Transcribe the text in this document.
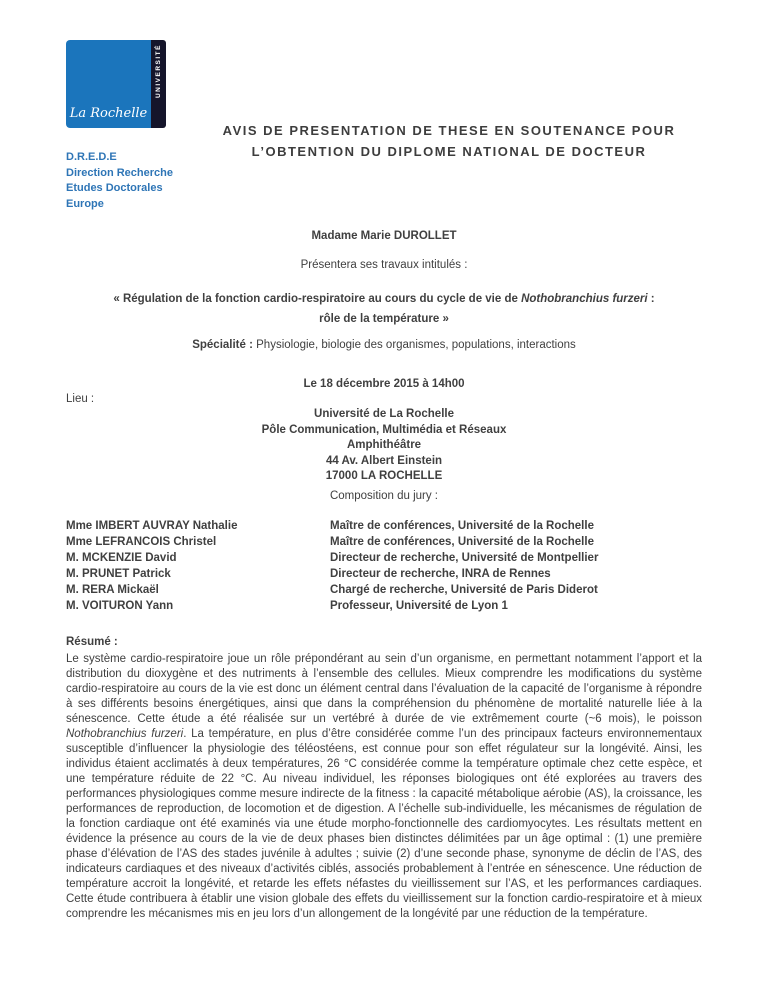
La Rochelle
UNIVERSITÉ
D.R.E.D.E
Direction Recherche
Etudes Doctorales
Europe
AVIS DE PRESENTATION DE THESE EN SOUTENANCE POUR
L’OBTENTION DU DIPLOME NATIONAL DE DOCTEUR
Madame Marie DUROLLET
Présentera ses travaux intitulés :
« Régulation de la fonction cardio-respiratoire au cours du cycle de vie de Nothobranchius furzeri :
rôle de la température »
Spécialité : Physiologie, biologie des organismes, populations, interactions
Le 18 décembre 2015 à 14h00
Lieu :
Université de La Rochelle
Pôle Communication, Multimédia et Réseaux
Amphithéâtre
44 Av. Albert Einstein
17000 LA ROCHELLE
Composition du jury :
Mme IMBERT AUVRAY Nathalie	Maître de conférences, Université de la Rochelle
Mme LEFRANCOIS Christel	Maître de conférences, Université de la Rochelle
M. MCKENZIE David	Directeur de recherche, Université de Montpellier
M. PRUNET Patrick	Directeur de recherche, INRA de Rennes
M. RERA Mickaël	Chargé de recherche, Université de Paris Diderot
M. VOITURON Yann	Professeur, Université de Lyon 1
Résumé :

Le système cardio-respiratoire joue un rôle prépondérant au sein d’un organisme, en permettant notamment l’apport et la distribution du dioxygène et des nutriments à l’ensemble des cellules. Mieux comprendre les modifications du système cardio-respiratoire au cours de la vie est donc un élément central dans l’évaluation de la capacité de l’organisme à répondre à ses différents besoins énergétiques, ainsi que dans la compréhension du phénomène de mortalité naturelle liée à la sénescence. Cette étude a été réalisée sur un vertébré à durée de vie extrêmement courte (~6 mois), le poisson Nothobranchius furzeri. La température, en plus d’être considérée comme l’un des principaux facteurs environnementaux susceptible d’influencer la physiologie des téléostéens, est connue pour son effet régulateur sur la longévité. Ainsi, les individus étaient acclimatés à deux températures, 26 °C considérée comme la température optimale chez cette espèce, et une température réduite de 22 °C. Au niveau individuel, les réponses biologiques ont été explorées au travers des performances physiologiques comme mesure indirecte de la fitness : la capacité métabolique aérobie (AS), la croissance, les performances de reproduction, de locomotion et de digestion. A l’échelle sub-individuelle, les mécanismes de régulation de la fonction cardiaque ont été examinés via une étude morpho-fonctionnelle des cardiomyocytes. Les résultats mettent en évidence la présence au cours de la vie de deux phases bien distinctes délimitées par un âge optimal : (1) une première phase d’élévation de l’AS des stades juvénile à adultes ; suivie (2) d’une seconde phase, synonyme de déclin de l’AS, des indicateurs cardiaques et des niveaux d’activités ciblés, associés probablement à l’entrée en sénescence. Une réduction de température accroit la longévité, et retarde les effets néfastes du vieillissement sur l’AS, et les performances cardiaques. Cette étude contribuera à établir une vision globale des effets du vieillissement sur la fonction cardio-respiratoire et à mieux comprendre les mécanismes mis en jeu lors d’un allongement de la longévité par une réduction de la température.
